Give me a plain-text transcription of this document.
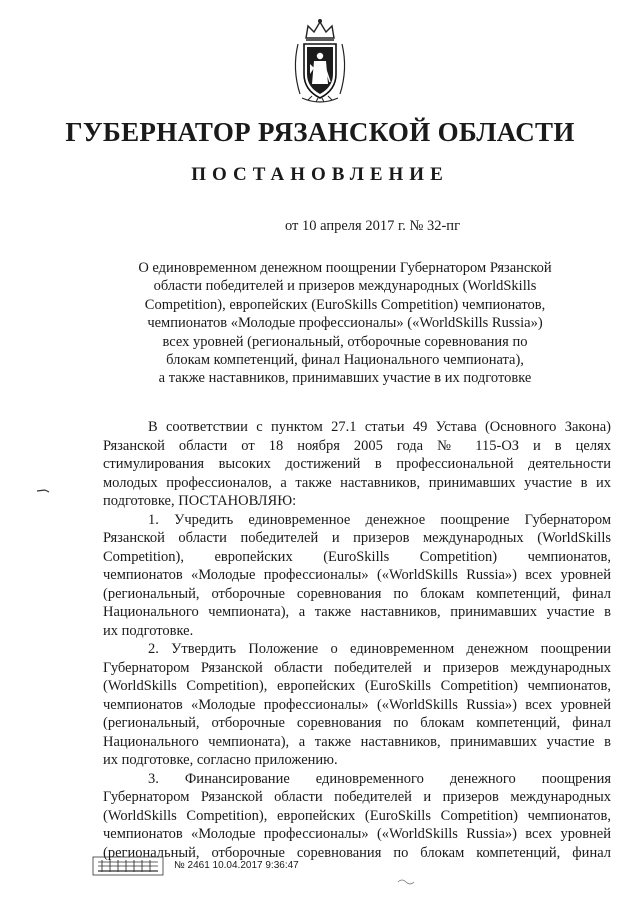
ГУБЕРНАТОР РЯЗАНСКОЙ ОБЛАСТИ
ПОСТАНОВЛЕНИЕ
от 10 апреля 2017 г. № 32-пг
О единовременном денежном поощрении Губернатором Рязанской
области победителей и призеров международных (WorldSkills
Competition), европейских (EuroSkills Competition) чемпионатов,
чемпионатов «Молодые профессионалы» («WorldSkills Russia»)
всех уровней (региональный, отборочные соревнования по
блокам компетенций, финал Национального чемпионата),
а также наставников, принимавших участие в их подготовке
В соответствии с пунктом 27.1 статьи 49 Устава (Основного Закона)
Рязанской области от 18 ноября 2005 года № 115-ОЗ и в целях
стимулирования высоких достижений в профессиональной деятельности
молодых профессионалов, а также наставников, принимавших участие в их
подготовке, ПОСТАНОВЛЯЮ:
1. Учредить единовременное денежное поощрение Губернатором
Рязанской области победителей и призеров международных (WorldSkills
Competition), европейских (EuroSkills Competition) чемпионатов,
чемпионатов «Молодые профессионалы» («WorldSkills Russia») всех уровней
(региональный, отборочные соревнования по блокам компетенций, финал
Национального чемпионата), а также наставников, принимавших участие в
их подготовке.
2. Утвердить Положение о единовременном денежном поощрении
Губернатором Рязанской области победителей и призеров международных
(WorldSkills Competition), европейских (EuroSkills Competition) чемпионатов,
чемпионатов «Молодые профессионалы» («WorldSkills Russia») всех уровней
(региональный, отборочные соревнования по блокам компетенций, финал
Национального чемпионата), а также наставников, принимавших участие в
их подготовке, согласно приложению.
3. Финансирование единовременного денежного поощрения
Губернатором Рязанской области победителей и призеров международных
(WorldSkills Competition), европейских (EuroSkills Competition) чемпионатов,
чемпионатов «Молодые профессионалы» («WorldSkills Russia») всех уровней
(региональный, отборочные соревнования по блокам компетенций, финал
№ 2461 10.04.2017 9:36:47
